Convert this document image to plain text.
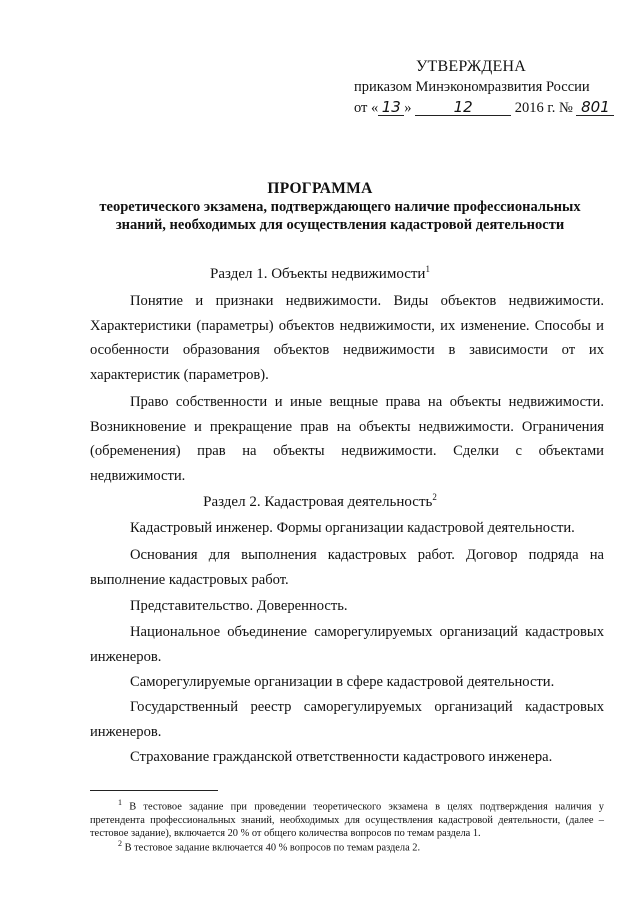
УТВЕРЖДЕНА
приказом Минэкономразвития России
от « 13 »	12	2016 г. № 801
ПРОГРАММА
теоретического экзамена, подтверждающего наличие профессиональных знаний, необходимых для осуществления кадастровой деятельности
Раздел 1. Объекты недвижимости$^1$
Понятие и признаки недвижимости. Виды объектов недвижимости. Характеристики (параметры) объектов недвижимости, их изменение. Способы и особенности образования объектов недвижимости в зависимости от их характеристик (параметров).
Право собственности и иные вещные права на объекты недвижимости. Возникновение и прекращение прав на объекты недвижимости. Ограничения (обременения) прав на объекты недвижимости. Сделки с объектами недвижимости.
Раздел 2. Кадастровая деятельность$^2$
Кадастровый инженер. Формы организации кадастровой деятельности.
Основания для выполнения кадастровых работ. Договор подряда на выполнение кадастровых работ.
Представительство. Доверенность.
Национальное объединение саморегулируемых организаций кадастровых инженеров.
Саморегулируемые организации в сфере кадастровой деятельности.
Государственный реестр саморегулируемых организаций кадастровых инженеров.
Страхование гражданской ответственности кадастрового инженера.
$^1$ В тестовое задание при проведении теоретического экзамена в целях подтверждения наличия у претендента профессиональных знаний, необходимых для осуществления кадастровой деятельности, (далее – тестовое задание), включается 20 % от общего количества вопросов по темам раздела 1.
$^2$ В тестовое задание включается 40 % вопросов по темам раздела 2.
